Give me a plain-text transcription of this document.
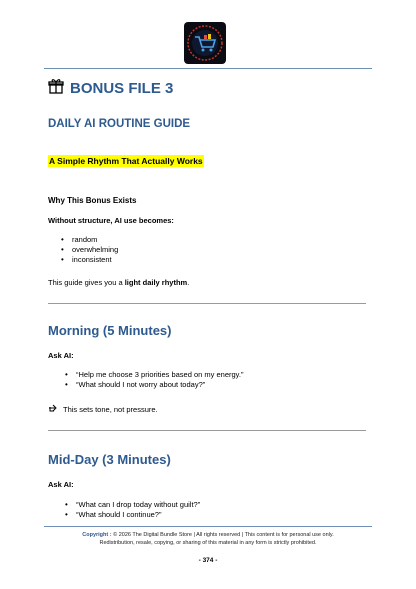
BONUS FILE 3
DAILY AI ROUTINE GUIDE
A Simple Rhythm That Actually Works
Why This Bonus Exists
Without structure, AI use becomes:
• random
• overwhelming
• inconsistent
This guide gives you a light daily rhythm.
Morning (5 Minutes)
Ask AI:
• “Help me choose 3 priorities based on my energy.”
• “What should I not worry about today?”
This sets tone, not pressure.
Mid-Day (3 Minutes)
Ask AI:
• “What can I drop today without guilt?”
• “What should I continue?”
Copyright : © 2026 The Digital Bundle Store | All rights reserved | This content is for personal use only.
Redistribution, resale, copying, or sharing of this material in any form is strictly prohibited.
- 374 -
